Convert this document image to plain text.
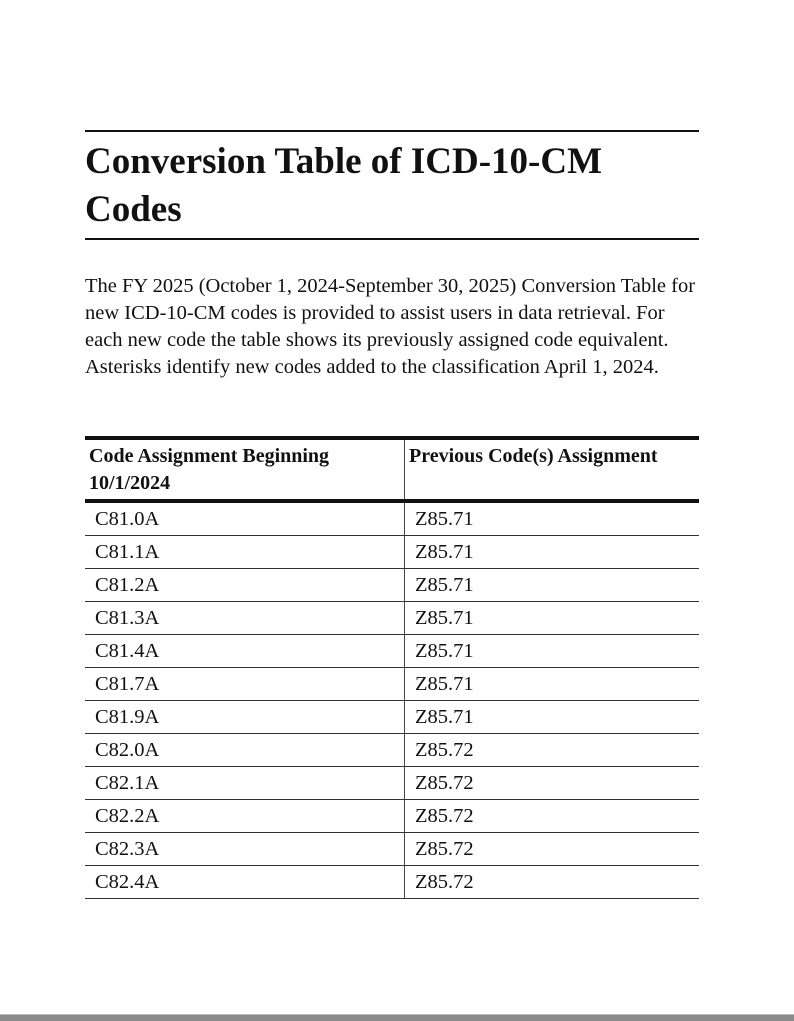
Conversion Table of ICD-10-CM Codes

The FY 2025 (October 1, 2024-September 30, 2025) Conversion Table for new ICD-10-CM codes is provided to assist users in data retrieval. For each new code the table shows its previously assigned code equivalent. Asterisks identify new codes added to the classification April 1, 2024.

Code Assignment Beginning 10/1/2024	Previous Code(s) Assignment
C81.0A	Z85.71
C81.1A	Z85.71
C81.2A	Z85.71
C81.3A	Z85.71
C81.4A	Z85.71
C81.7A	Z85.71
C81.9A	Z85.71
C82.0A	Z85.72
C82.1A	Z85.72
C82.2A	Z85.72
C82.3A	Z85.72
C82.4A	Z85.72
